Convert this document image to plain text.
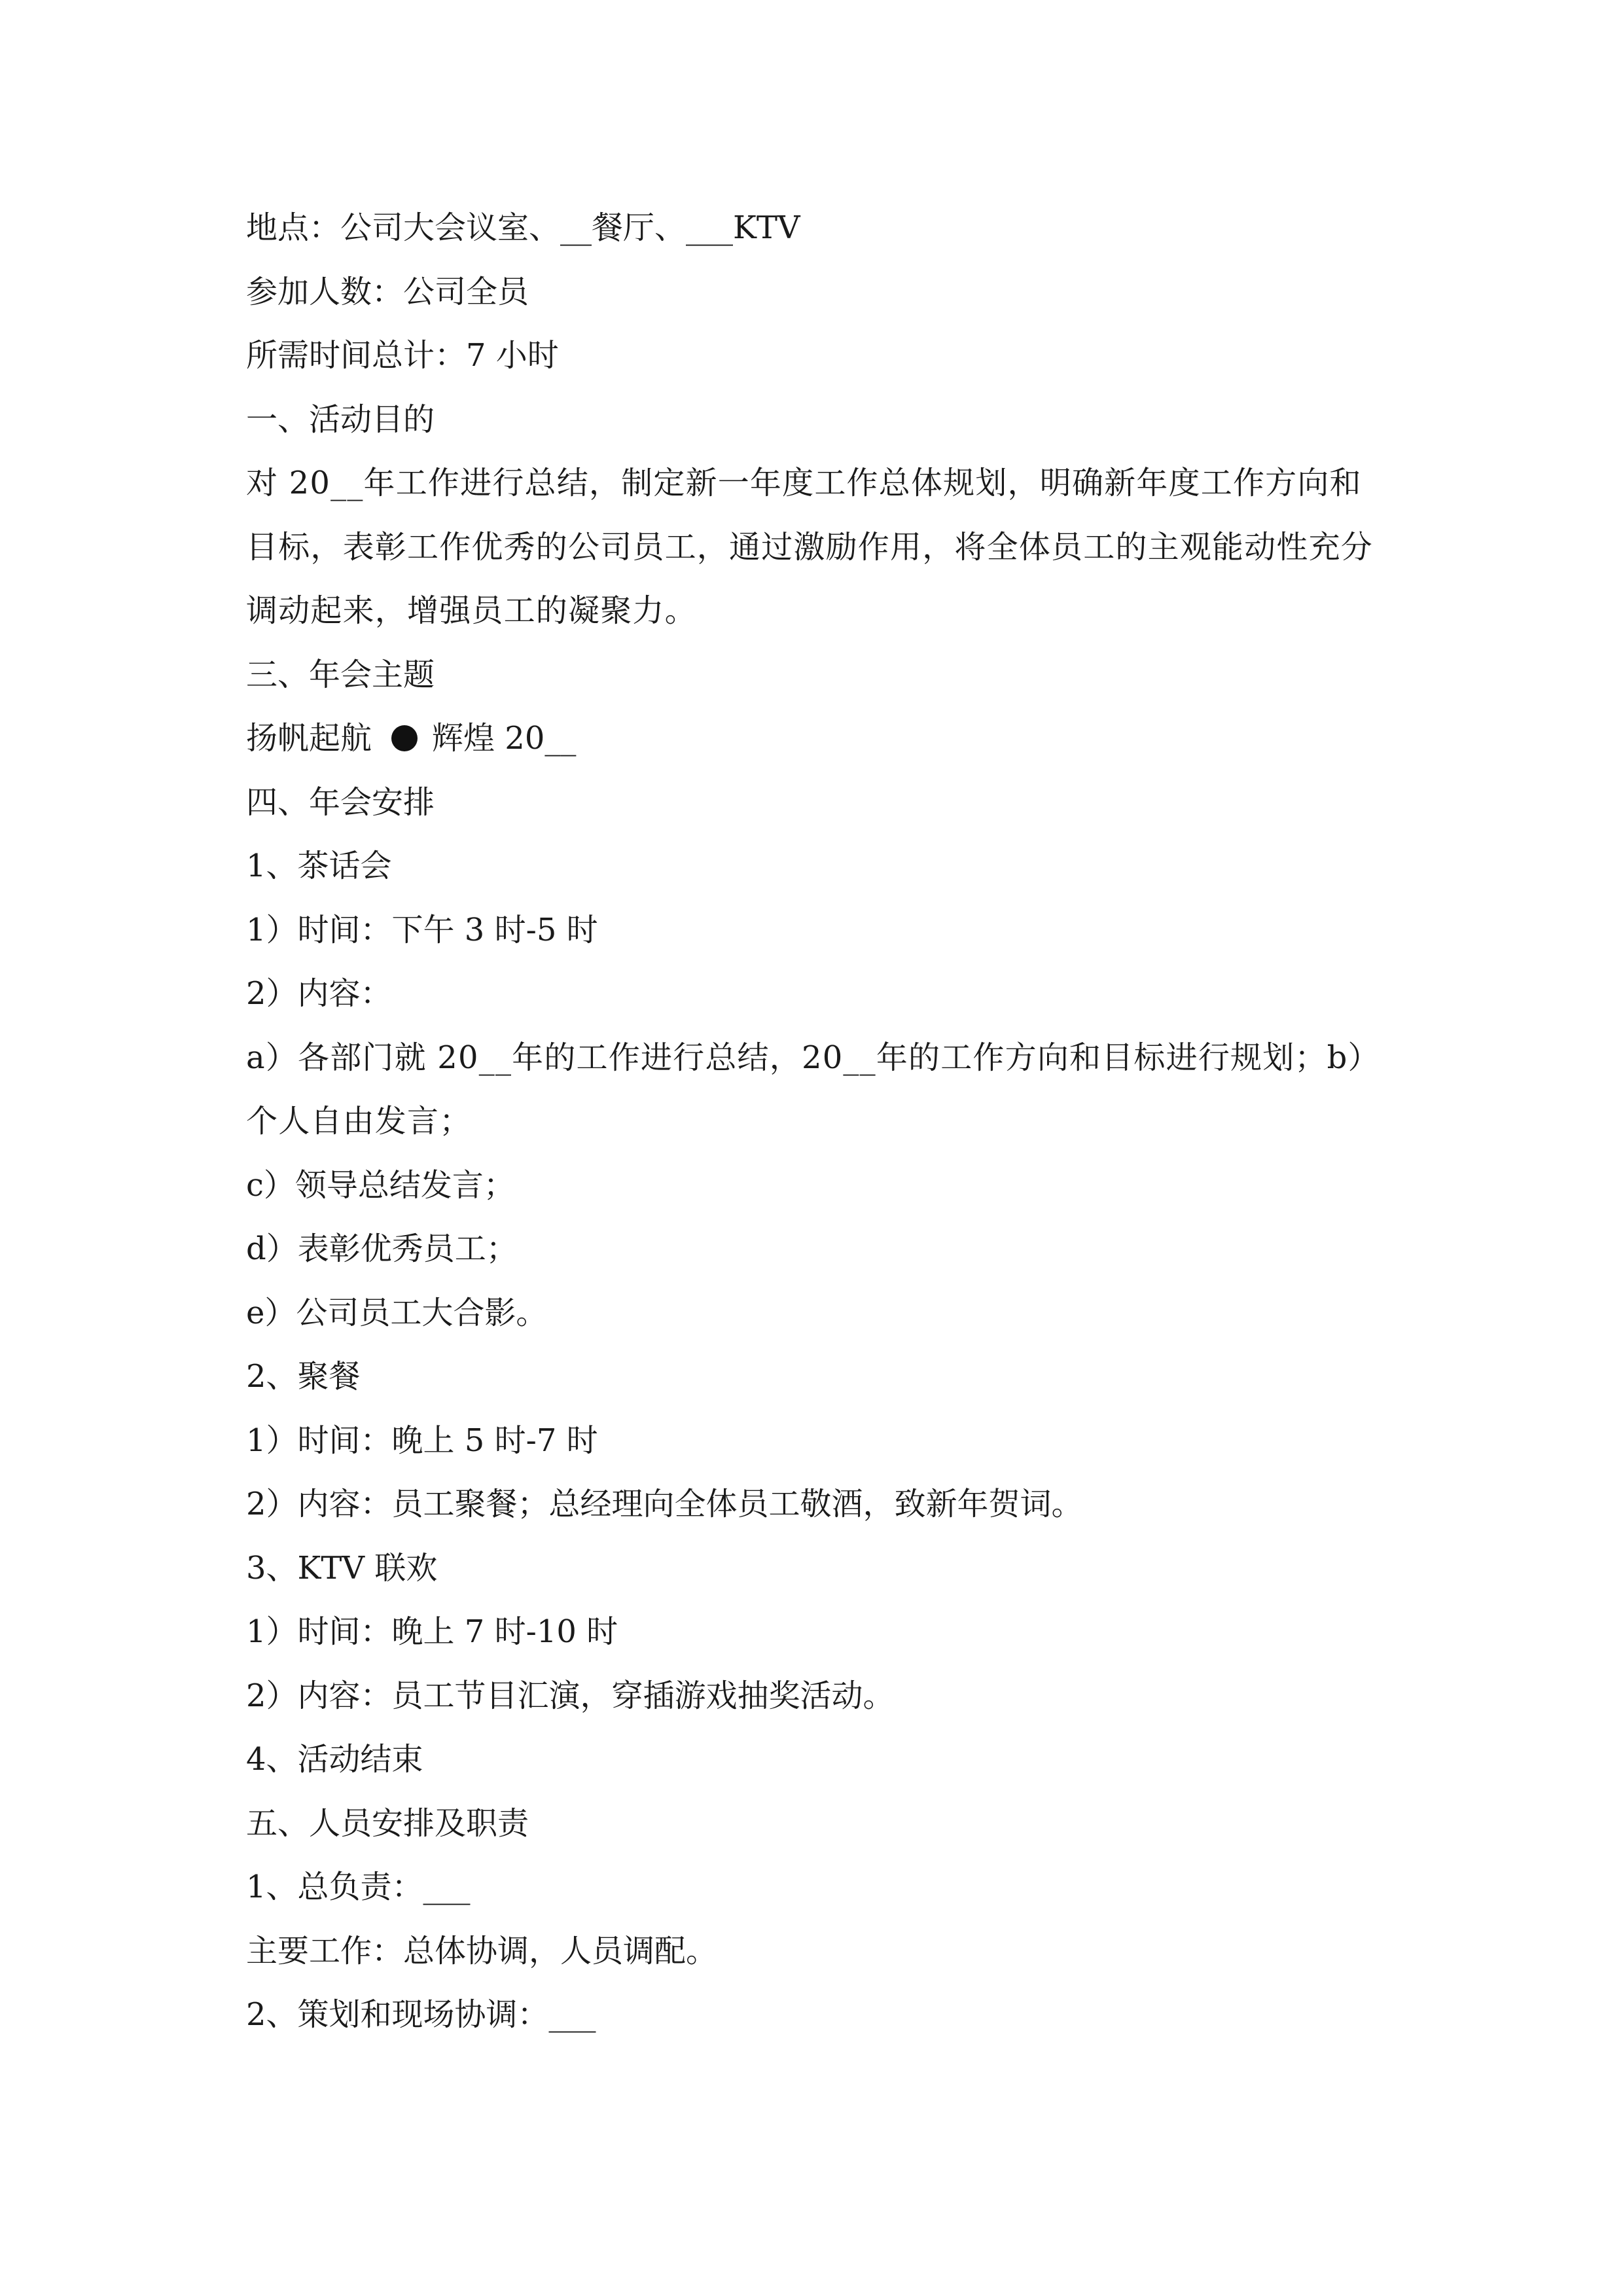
地点：公司大会议室、__餐厅、___KTV
参加人数：公司全员
所需时间总计：7 小时
一、活动目的
对 20__年工作进行总结，制定新一年度工作总体规划，明确新年度工作方向和目标，表彰工作优秀的公司员工，通过激励作用，将全体员工的主观能动性充分调动起来，增强员工的凝聚力。
三、年会主题
扬帆起航 辉煌 20__
四、年会安排
1、茶话会
1）时间：下午 3 时-5 时
2）内容：
a）各部门就 20__年的工作进行总结，20__年的工作方向和目标进行规划；b）个人自由发言；
c）领导总结发言；
d）表彰优秀员工；
e）公司员工大合影。
2、聚餐
1）时间：晚上 5 时-7 时
2）内容：员工聚餐；总经理向全体员工敬酒，致新年贺词。
3、KTV 联欢
1）时间：晚上 7 时-10 时
2）内容：员工节目汇演，穿插游戏抽奖活动。
4、活动结束
五、人员安排及职责
1、总负责：___
主要工作：总体协调，人员调配。
2、策划和现场协调：___
